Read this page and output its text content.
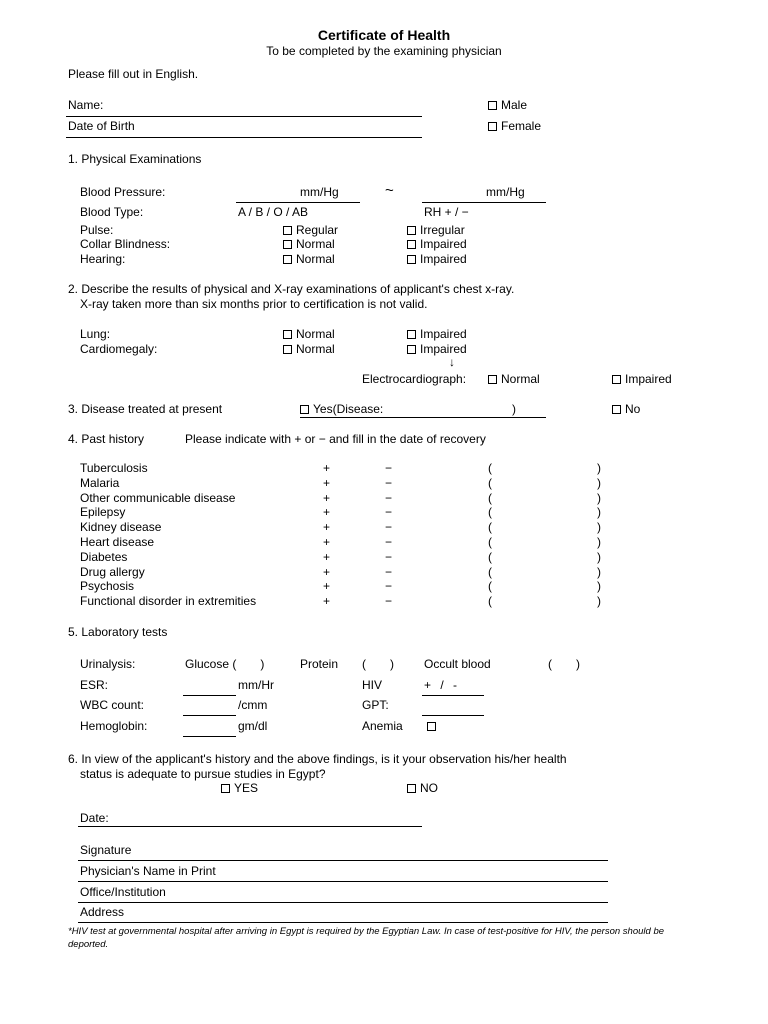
Certificate of Health
To be completed by the examining physician
Please fill out in English.
Name:
Date of Birth
Male
Female
1. Physical Examinations
Blood Pressure:	mm/Hg	~	mm/Hg
Blood Type:	A / B / O / AB	RH + / −
Pulse:	Regular	Irregular
Collar Blindness:	Normal	Impaired
Hearing:	Normal	Impaired
2. Describe the results of physical and X-ray examinations of applicant's chest x-ray.
X-ray taken more than six months prior to certification is not valid.
Lung:	Normal	Impaired
Cardiomegaly:	Normal	Impaired
↓
Electrocardiograph:	Normal	Impaired
3. Disease treated at present	Yes(Disease:	)	No
4. Past history	Please indicate with + or − and fill in the date of recovery
Tuberculosis	+	−	(	)
Malaria	+	−	(	)
Other communicable disease	+	−	(	)
Epilepsy	+	−	(	)
Kidney disease	+	−	(	)
Heart disease	+	−	(	)
Diabetes	+	−	(	)
Drug allergy	+	−	(	)
Psychosis	+	−	(	)
Functional disorder in extremities	+	−	(	)
5. Laboratory tests
Urinalysis:	Glucose (  )	Protein (  )	Occult blood	(  )
ESR:	mm/Hr	HIV	+  /  -
WBC count:	/cmm	GPT:
Hemoglobin:	gm/dl	Anemia
6. In view of the applicant's history and the above findings, is it your observation his/her health
status is adequate to pursue studies in Egypt?
YES	NO
Date:
Signature
Physician's Name in Print
Office/Institution
Address
*HIV test at governmental hospital after arriving in Egypt is required by the Egyptian Law. In case of test-positive for HIV, the person should be deported.
